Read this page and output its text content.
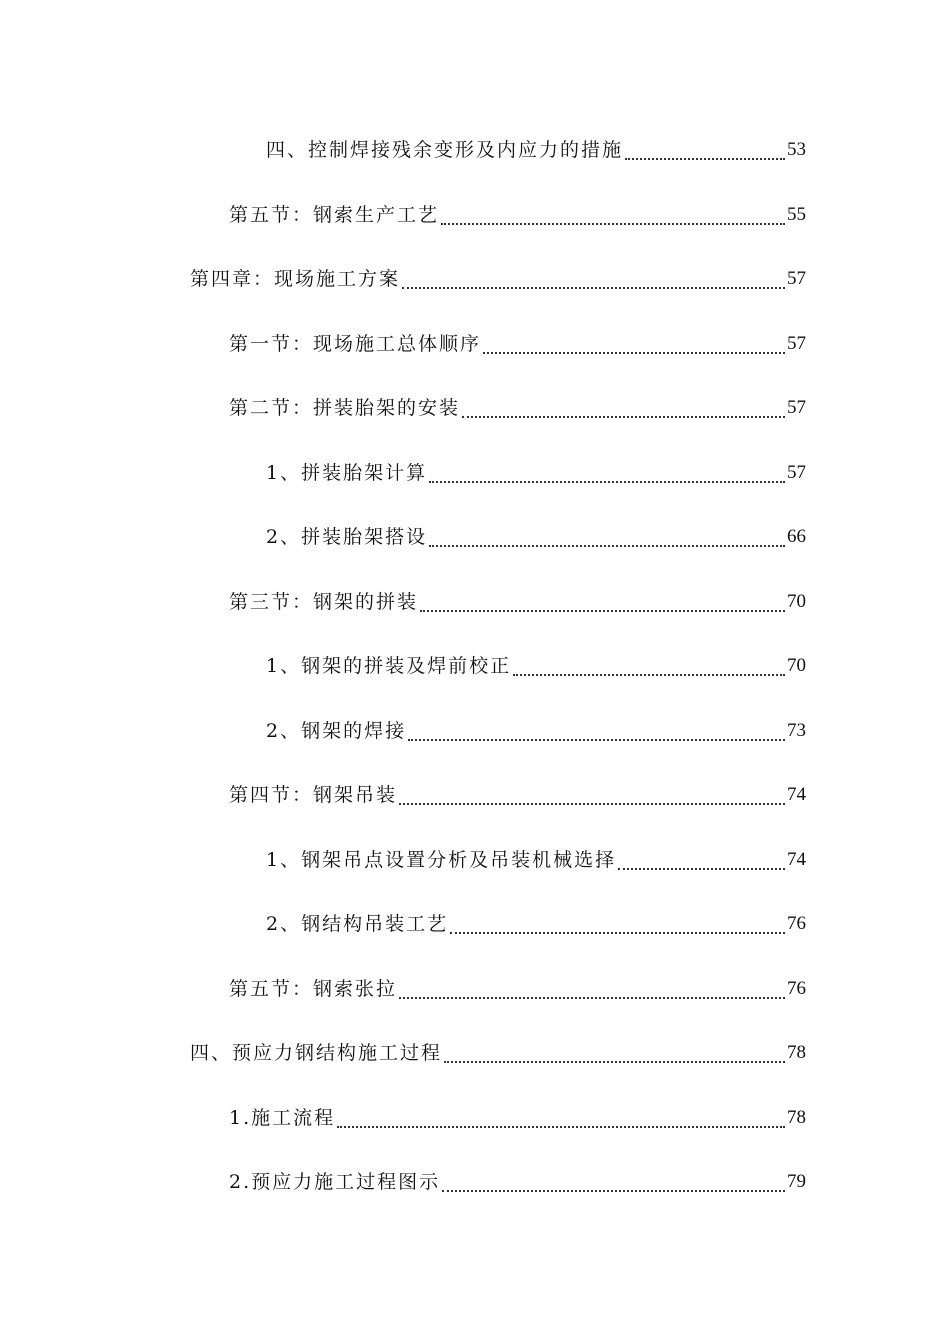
四、控制焊接残余变形及内应力的措施	53
第五节：钢索生产工艺	55
第四章：现场施工方案	57
第一节：现场施工总体顺序	57
第二节：拼装胎架的安装	57
1、拼装胎架计算	57
2、拼装胎架搭设	66
第三节：钢架的拼装	70
1、钢架的拼装及焊前校正	70
2、钢架的焊接	73
第四节：钢架吊装	74
1、钢架吊点设置分析及吊装机械选择	74
2、钢结构吊装工艺	76
第五节：钢索张拉	76
四、预应力钢结构施工过程	78
1.施工流程	78
2.预应力施工过程图示	79
